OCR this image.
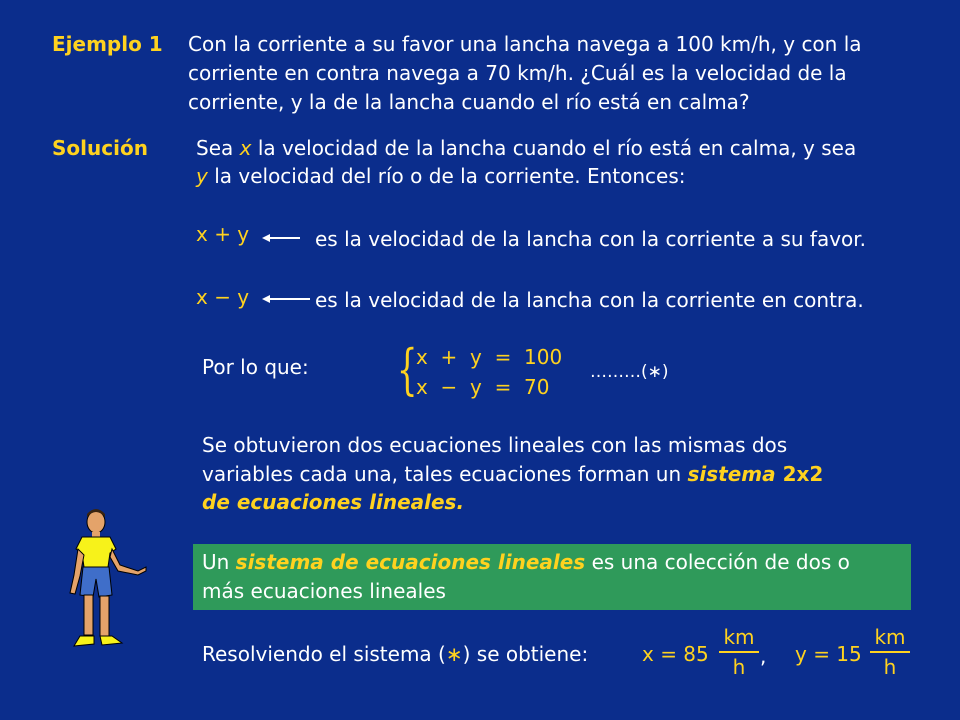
Ejemplo 1 Con la corriente a su favor una lancha navega a 100 km/h, y con la
corriente en contra navega a 70 km/h. ¿Cuál es la velocidad de la
corriente, y la de la lancha cuando el río está en calma?
Solución Sea x la velocidad de la lancha cuando el río está en calma, y sea
y la velocidad del río o de la corriente. Entonces:
x + y	es la velocidad de la lancha con la corriente a su favor.
x − y	es la velocidad de la lancha con la corriente en contra.
Por lo que: {
x  +  y  =  100
x  −  y  =  70
………(∗)
Se obtuvieron dos ecuaciones lineales con las mismas dos
variables cada una, tales ecuaciones forman un sistema 2x2
de ecuaciones lineales.
Un sistema de ecuaciones lineales es una colección de dos o
más ecuaciones lineales
Resolviendo el sistema (∗) se obtiene:	x = 85
km
h , y = 15
km
h
